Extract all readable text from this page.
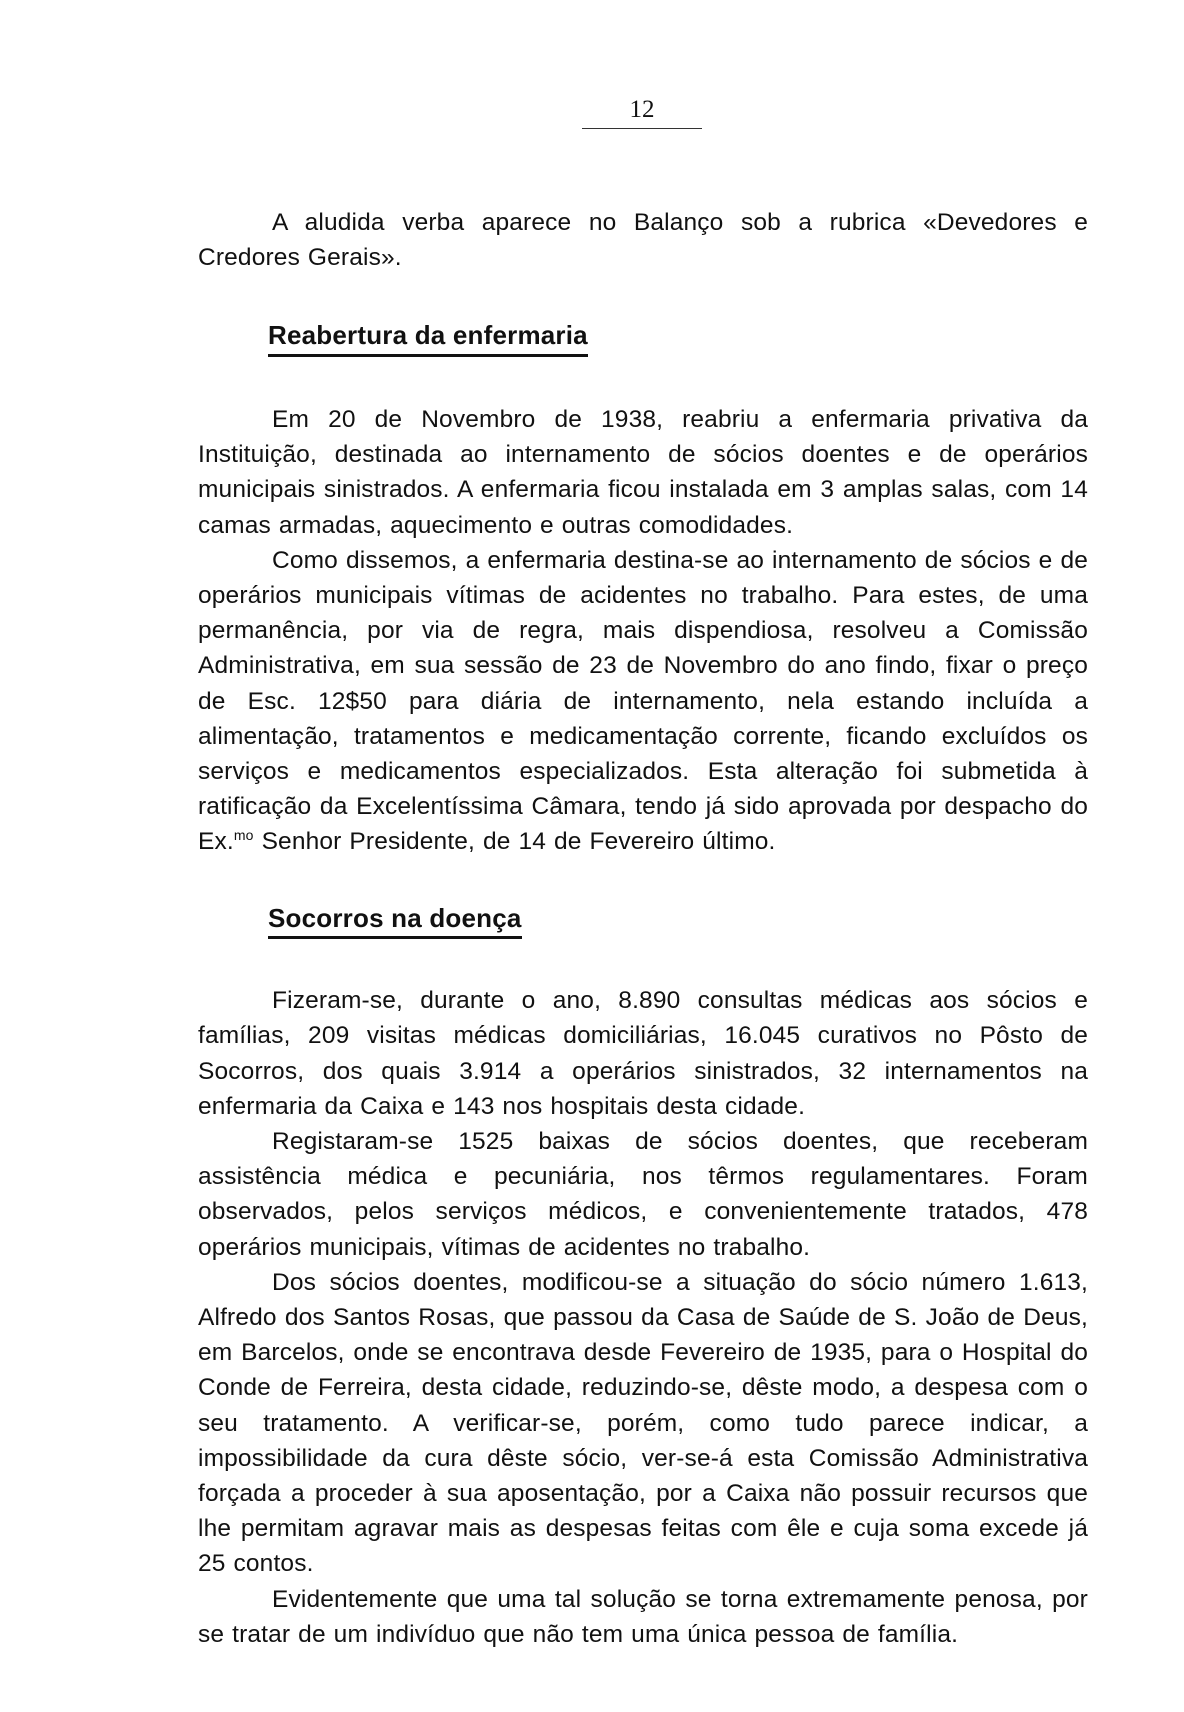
12

A aludida verba aparece no Balanço sob a rubrica «Devedores e Credores Gerais».

Reabertura da enfermaria

Em 20 de Novembro de 1938, reabriu a enfermaria privativa da Instituição, destinada ao internamento de sócios doentes e de operários municipais sinistrados. A enfermaria ficou instalada em 3 amplas salas, com 14 camas armadas, aquecimento e outras comodidades.

Como dissemos, a enfermaria destina-se ao internamento de sócios e de operários municipais vítimas de acidentes no trabalho. Para estes, de uma permanência, por via de regra, mais dispendiosa, resolveu a Comissão Administrativa, em sua sessão de 23 de Novembro do ano findo, fixar o preço de Esc. 12$50 para diária de internamento, nela estando incluída a alimentação, tratamentos e medicamentação corrente, ficando excluídos os serviços e medicamentos especializados. Esta alteração foi submetida à ratificação da Excelentíssima Câmara, tendo já sido aprovada por despacho do Ex.$^{mo}$ Senhor Presidente, de 14 de Fevereiro último.

Socorros na doença

Fizeram-se, durante o ano, 8.890 consultas médicas aos sócios e famílias, 209 visitas médicas domiciliárias, 16.045 curativos no Pôsto de Socorros, dos quais 3.914 a operários sinistrados, 32 internamentos na enfermaria da Caixa e 143 nos hospitais desta cidade.

Registaram-se 1525 baixas de sócios doentes, que receberam assistência médica e pecuniária, nos têrmos regulamentares. Foram observados, pelos serviços médicos, e convenientemente tratados, 478 operários municipais, vítimas de acidentes no trabalho.

Dos sócios doentes, modificou-se a situação do sócio número 1.613, Alfredo dos Santos Rosas, que passou da Casa de Saúde de S. João de Deus, em Barcelos, onde se encontrava desde Fevereiro de 1935, para o Hospital do Conde de Ferreira, desta cidade, reduzindo-se, dêste modo, a despesa com o seu tratamento. A verificar-se, porém, como tudo parece indicar, a impossibilidade da cura dêste sócio, ver-se-á esta Comissão Administrativa forçada a proceder à sua aposentação, por a Caixa não possuir recursos que lhe permitam agravar mais as despesas feitas com êle e cuja soma excede já 25 contos.

Evidentemente que uma tal solução se torna extremamente penosa, por se tratar de um indivíduo que não tem uma única pessoa de família.
